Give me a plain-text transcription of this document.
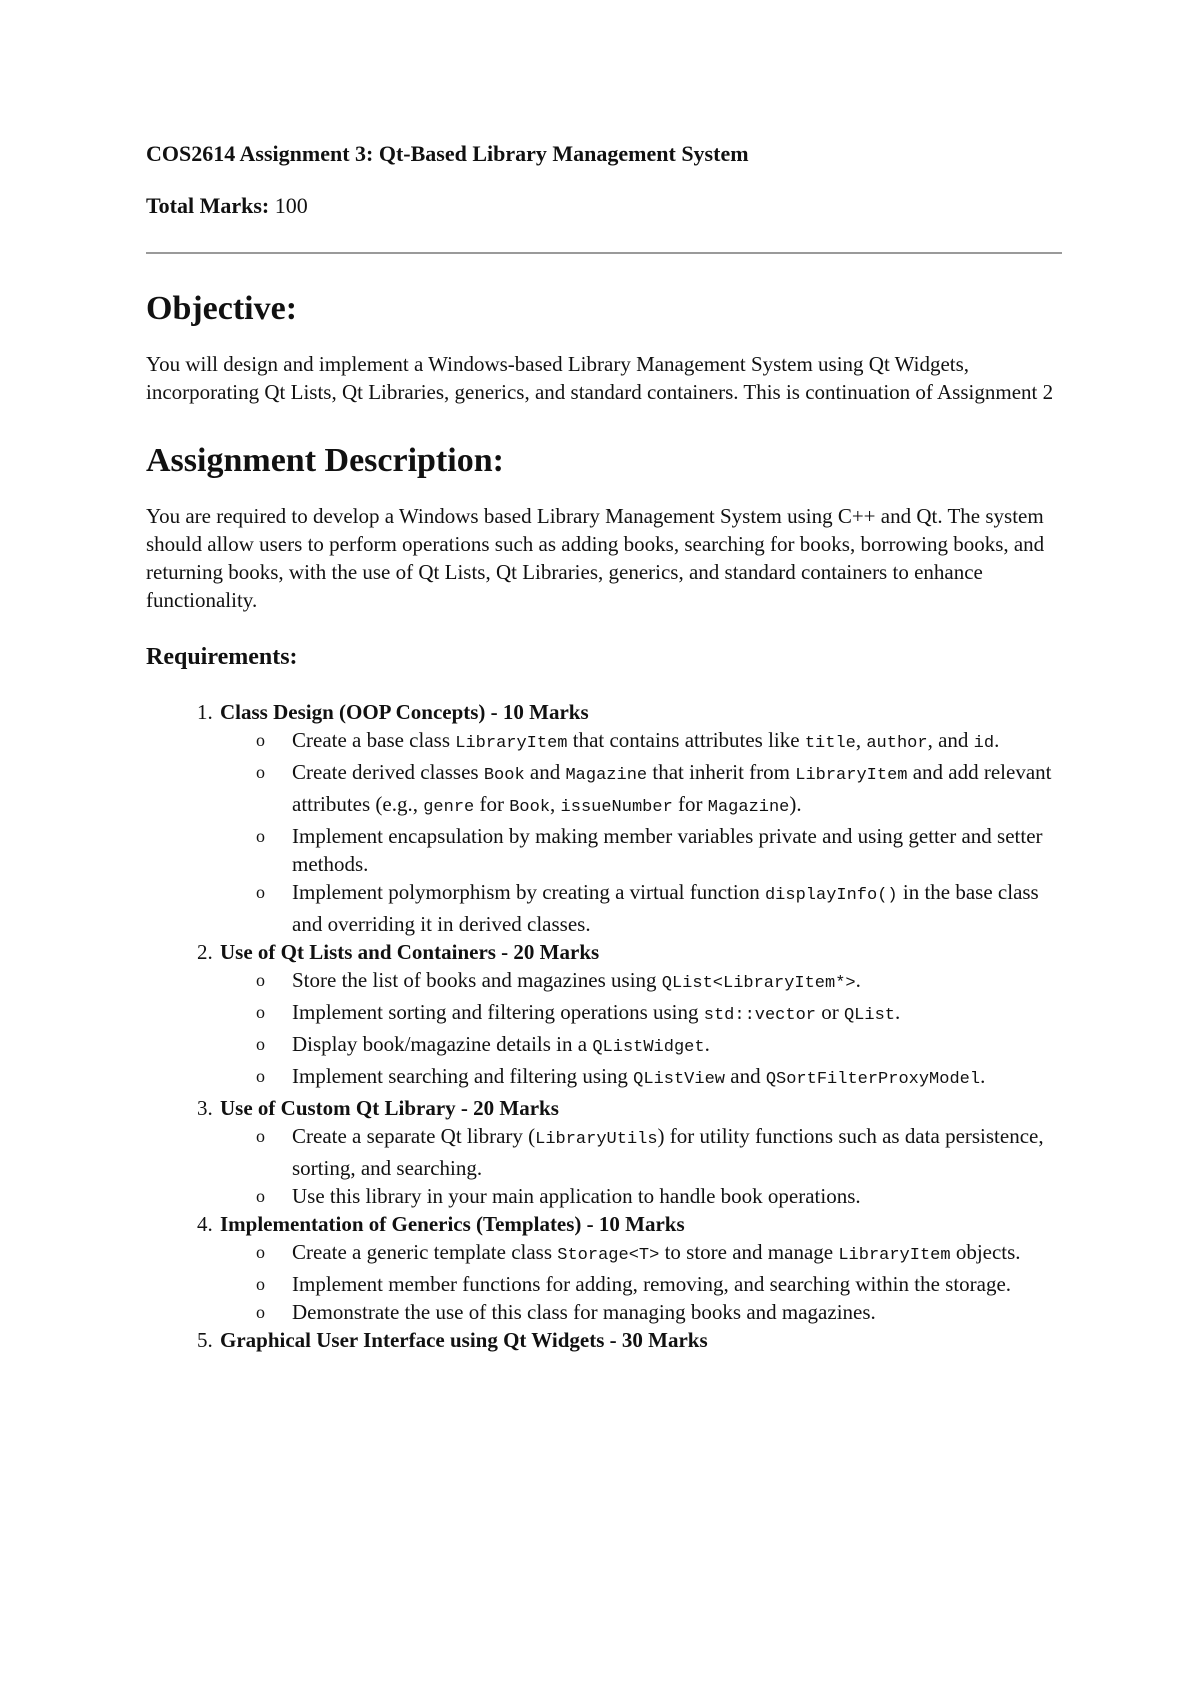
COS2614 Assignment 3: Qt-Based Library Management System

Total Marks: 100

Objective:

You will design and implement a Windows-based Library Management System using Qt Widgets, incorporating Qt Lists, Qt Libraries, generics, and standard containers. This is continuation of Assignment 2

Assignment Description:

You are required to develop a Windows based Library Management System using C++ and Qt. The system should allow users to perform operations such as adding books, searching for books, borrowing books, and returning books, with the use of Qt Lists, Qt Libraries, generics, and standard containers to enhance functionality.

Requirements:
1. Class Design (OOP Concepts) - 10 Marks
o Create a base class LibraryItem that contains attributes like title, author, and id.
o Create derived classes Book and Magazine that inherit from LibraryItem and add relevant attributes (e.g., genre for Book, issueNumber for Magazine).
o Implement encapsulation by making member variables private and using getter and setter methods.
o Implement polymorphism by creating a virtual function displayInfo() in the base class and overriding it in derived classes.
2. Use of Qt Lists and Containers - 20 Marks
o Store the list of books and magazines using QList<LibraryItem*>.
o Implement sorting and filtering operations using std::vector or QList.
o Display book/magazine details in a QListWidget.
o Implement searching and filtering using QListView and QSortFilterProxyModel.
3. Use of Custom Qt Library - 20 Marks
o Create a separate Qt library (LibraryUtils) for utility functions such as data persistence, sorting, and searching.
o Use this library in your main application to handle book operations.
4. Implementation of Generics (Templates) - 10 Marks
o Create a generic template class Storage<T> to store and manage LibraryItem objects.
o Implement member functions for adding, removing, and searching within the storage.
o Demonstrate the use of this class for managing books and magazines.
5. Graphical User Interface using Qt Widgets - 30 Marks
